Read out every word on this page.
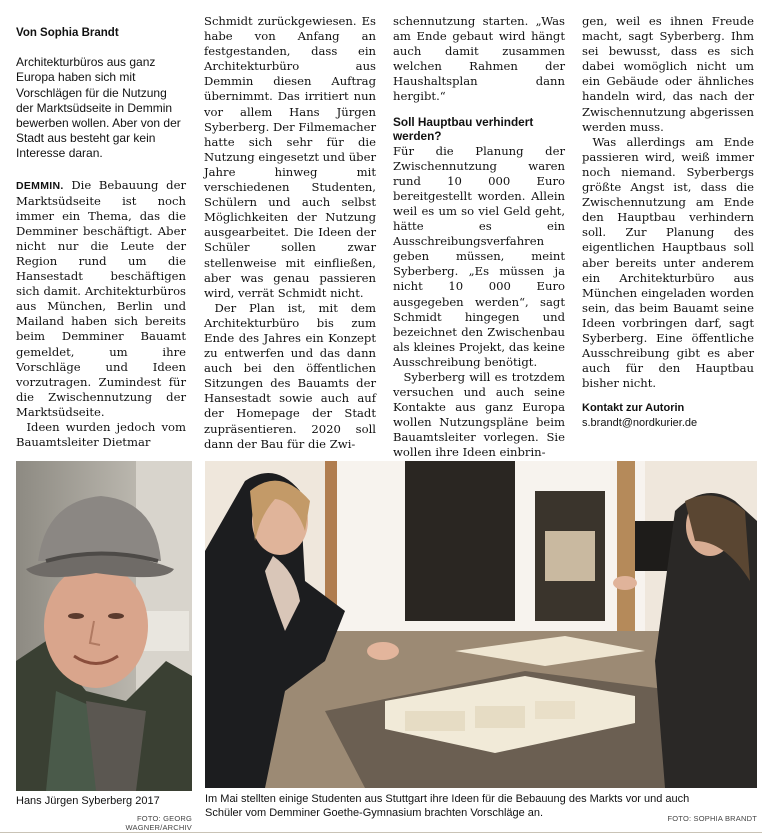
Von Sophia Brandt
Architekturbüros aus ganz Europa haben sich mit Vorschlägen für die Nutzung der Marktsüdseite in Demmin bewerben wollen. Aber von der Stadt aus besteht gar kein Interesse daran.

DEMMIN. Die Bebauung der Marktsüdseite ist noch immer ein Thema, das die Demminer beschäftigt. Aber nicht nur die Leute der Region rund um die Hansestadt beschäftigen sich damit. Architekturbüros aus München, Berlin und Mailand haben sich bereits beim Demminer Bauamt gemeldet, um ihre Vorschläge und Ideen vorzutragen. Zumindest für die Zwischennutzung der Marktsüdseite.

Ideen wurden jedoch vom Bauamtsleiter Dietmar

Schmidt zurückgewiesen. Es habe von Anfang an festgestanden, dass ein Architekturbüro aus Demmin diesen Auftrag übernimmt. Das irritiert nun vor allem Hans Jürgen Syberberg. Der Filmemacher hatte sich sehr für die Nutzung eingesetzt und über Jahre hinweg mit verschiedenen Studenten, Schülern und auch selbst Möglichkeiten der Nutzung ausgearbeitet. Die Ideen der Schüler sollen zwar stellenweise mit einfließen, aber was genau passieren wird, verrät Schmidt nicht.

Der Plan ist, mit dem Architekturbüro bis zum Ende des Jahres ein Konzept zu entwerfen und das dann auch bei den öffentlichen Sitzungen des Bauamts der Hansestadt sowie auch auf der Homepage der Stadt zupräsentieren. 2020 soll dann der Bau für die Zwi-

schennutzung starten. „Was am Ende gebaut wird hängt auch damit zusammen welchen Rahmen der Haushaltsplan dann hergibt.“

Soll Hauptbau verhindert werden?

Für die Planung der Zwischennutzung waren rund 10 000 Euro bereitgestellt worden. Allein weil es um so viel Geld geht, hätte es ein Ausschreibungsverfahren geben müssen, meint Syberberg. „Es müssen ja nicht 10 000 Euro ausgegeben werden“, sagt Schmidt hingegen und bezeichnet den Zwischenbau als kleines Projekt, das keine Ausschreibung benötigt.

Syberberg will es trotzdem versuchen und auch seine Kontakte aus ganz Europa wollen Nutzungspläne beim Bauamtsleiter vorlegen. Sie wollen ihre Ideen einbrin-

gen, weil es ihnen Freude macht, sagt Syberberg. Ihm sei bewusst, dass es sich dabei womöglich nicht um ein Gebäude oder ähnliches handeln wird, das nach der Zwischennutzung abgerissen werden muss.

Was allerdings am Ende passieren wird, weiß immer noch niemand. Syberbergs größte Angst ist, dass die Zwischennutzung am Ende den Hauptbau verhindern soll. Zur Planung des eigentlichen Hauptbaus soll aber bereits unter anderem ein Architekturbüro aus München eingeladen worden sein, das beim Bauamt seine Ideen vorbringen darf, sagt Syberberg. Eine öffentliche Ausschreibung gibt es aber auch für den Hauptbau bisher nicht.

Kontakt zur Autorin
s.brandt@nordkurier.de
Hans Jürgen Syberberg 2017
FOTO: GEORG WAGNER/ARCHIV
Im Mai stellten einige Studenten aus Stuttgart ihre Ideen für die Bebauung des Markts vor und auch Schüler vom Demminer Goethe-Gymnasium brachten Vorschläge an.	FOTO: SOPHIA BRANDT
